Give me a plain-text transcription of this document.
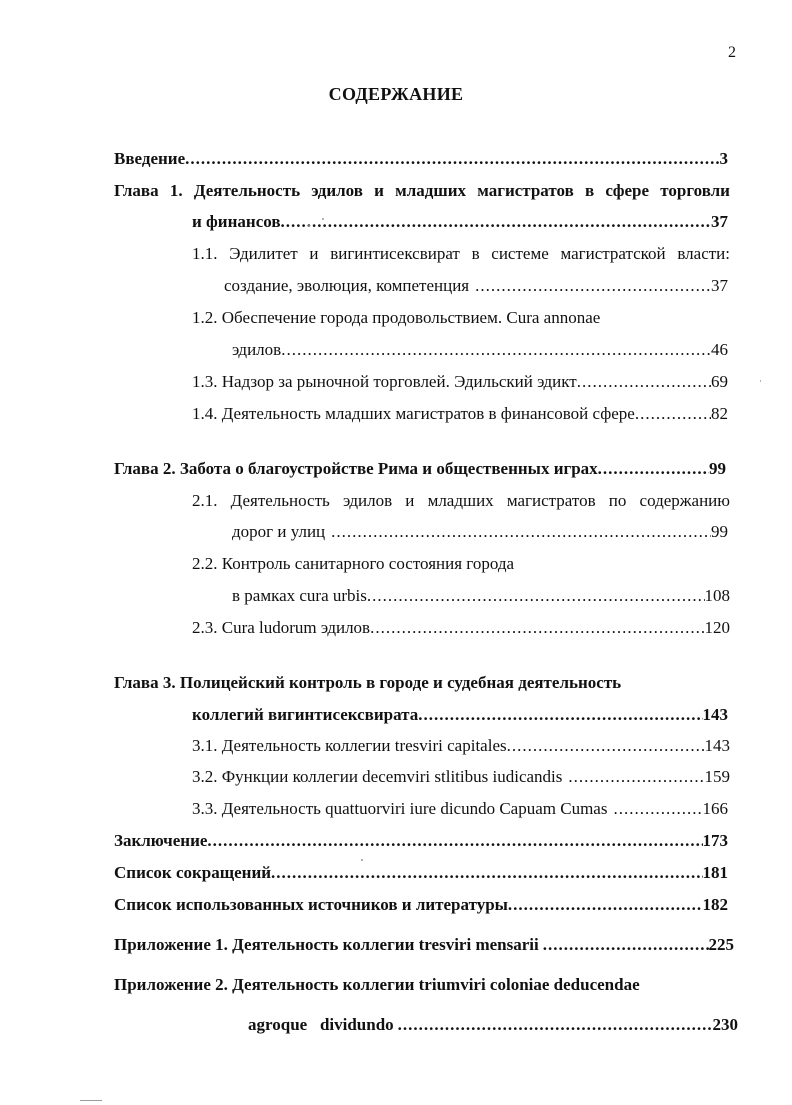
2
СОДЕРЖАНИЕ
Введение .....	3
Глава 1. Деятельность эдилов и младших магистратов в сфере торговли
и финансов .....	37
1.1. Эдилитет и вигинтисексвират в системе магистратской власти:
создание, эволюция, компетенция .....	37
1.2. Обеспечение города продовольствием. Cura annonae
эдилов .....	46
1.3. Надзор за рыночной торговлей. Эдильский эдикт .....	69
1.4. Деятельность младших магистратов в финансовой сфере .....	82
Глава 2. Забота о благоустройстве Рима и общественных играх .....	99
2.1. Деятельность эдилов и младших магистратов по содержанию
дорог и улиц .....	99
2.2. Контроль санитарного состояния города
в рамках cura urbis .....	108
2.3. Cura ludorum эдилов .....	120
Глава 3. Полицейский контроль в городе и судебная деятельность
коллегий вигинтисексвирата .....	143
3.1. Деятельность коллегии tresviri capitales .....	143
3.2. Функции коллегии decemviri stlitibus iudicandis .....	159
3.3. Деятельность quattuorviri iure dicundo Capuam Cumas .....	166
Заключение .....	173
Список сокращений .....	181
Список использованных источников и литературы .....	182
Приложение 1. Деятельность коллегии tresviri mensarii .....	225
Приложение 2. Деятельность коллегии triumviri coloniae deducendae
agroque   dividundo .....	230
